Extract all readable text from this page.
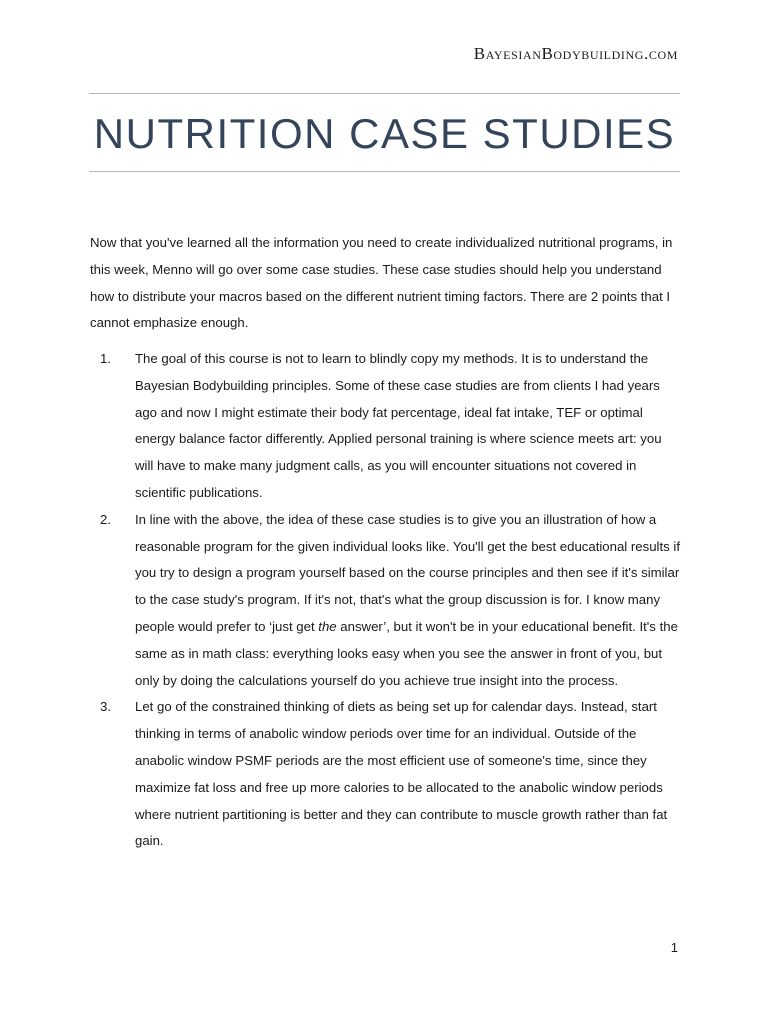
BayesianBodybuilding.com
NUTRITION CASE STUDIES

Now that you've learned all the information you need to create individualized nutritional programs, in this week, Menno will go over some case studies. These case studies should help you understand how to distribute your macros based on the different nutrient timing factors. There are 2 points that I cannot emphasize enough.

1.	The goal of this course is not to learn to blindly copy my methods. It is to understand the Bayesian Bodybuilding principles. Some of these case studies are from clients I had years ago and now I might estimate their body fat percentage, ideal fat intake, TEF or optimal energy balance factor differently. Applied personal training is where science meets art: you will have to make many judgment calls, as you will encounter situations not covered in scientific publications.
2.	In line with the above, the idea of these case studies is to give you an illustration of how a reasonable program for the given individual looks like. You'll get the best educational results if you try to design a program yourself based on the course principles and then see if it's similar to the case study's program. If it's not, that's what the group discussion is for. I know many people would prefer to ‘just get the answer’, but it won't be in your educational benefit. It's the same as in math class: everything looks easy when you see the answer in front of you, but only by doing the calculations yourself do you achieve true insight into the process.
3.	Let go of the constrained thinking of diets as being set up for calendar days. Instead, start thinking in terms of anabolic window periods over time for an individual. Outside of the anabolic window PSMF periods are the most efficient use of someone's time, since they maximize fat loss and free up more calories to be allocated to the anabolic window periods where nutrient partitioning is better and they can contribute to muscle growth rather than fat gain.
1
